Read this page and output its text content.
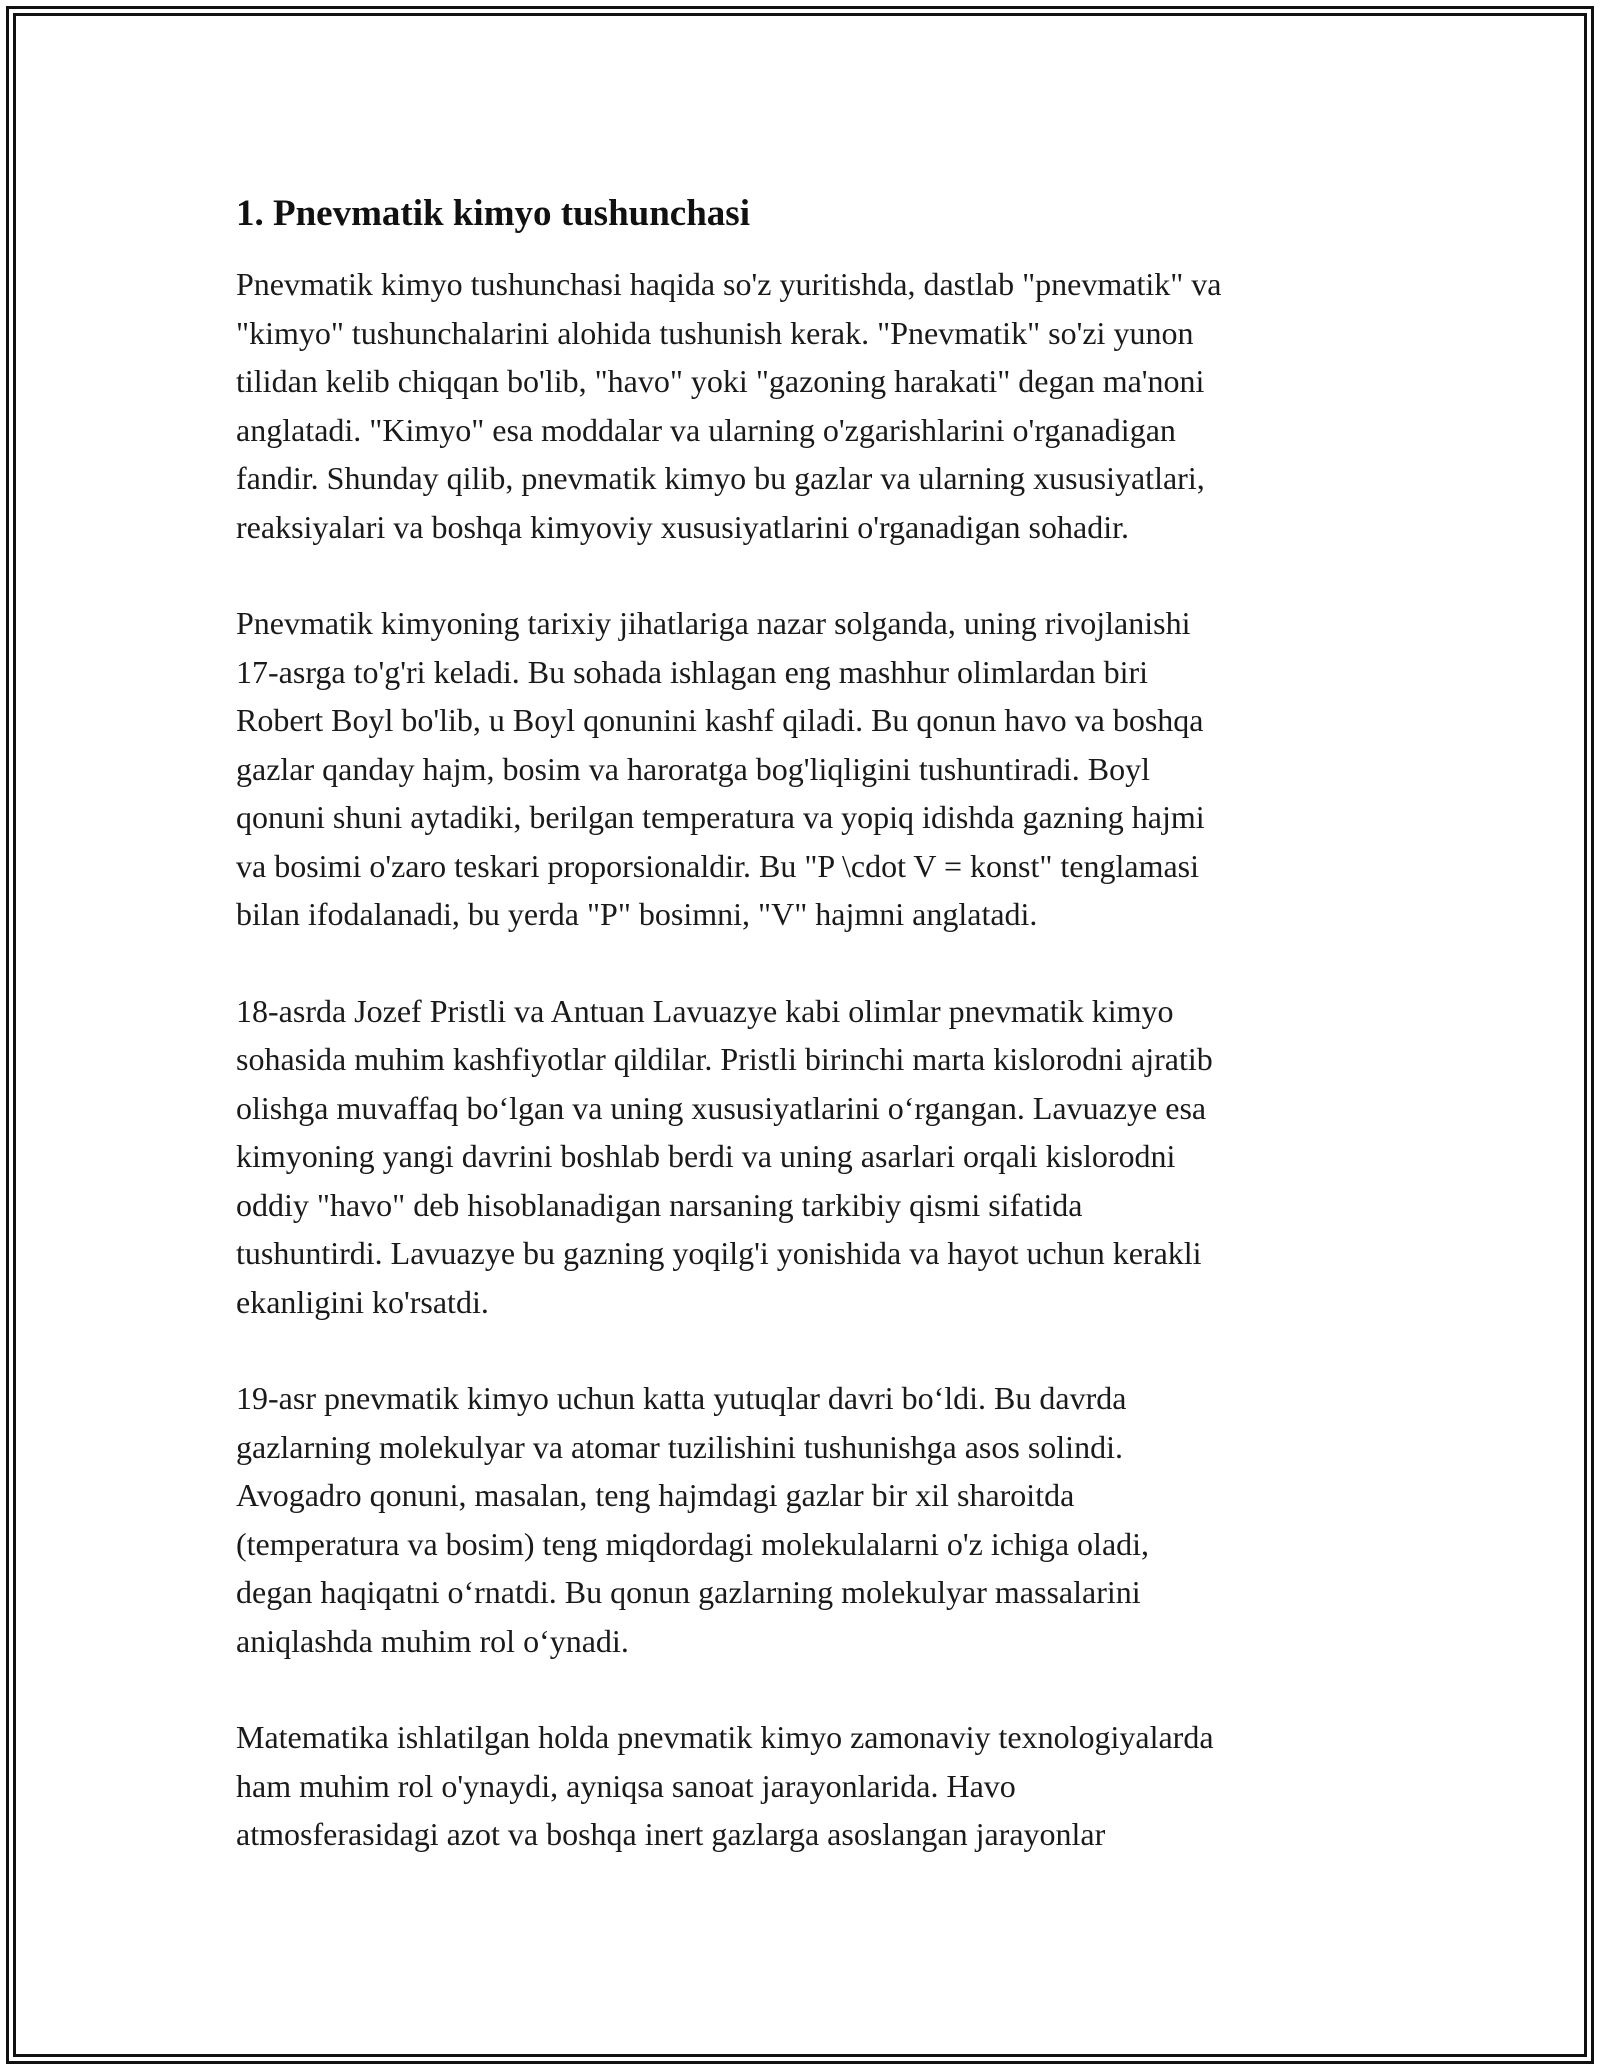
1. Pnevmatik kimyo tushunchasi

Pnevmatik kimyo tushunchasi haqida so'z yuritishda, dastlab "pnevmatik" va
"kimyo" tushunchalarini alohida tushunish kerak. "Pnevmatik" so'zi yunon
tilidan kelib chiqqan bo'lib, "havo" yoki "gazoning harakati" degan ma'noni
anglatadi. "Kimyo" esa moddalar va ularning o'zgarishlarini o'rganadigan
fandir. Shunday qilib, pnevmatik kimyo bu gazlar va ularning xususiyatlari,
reaksiyalari va boshqa kimyoviy xususiyatlarini o'rganadigan sohadir.

Pnevmatik kimyoning tarixiy jihatlariga nazar solganda, uning rivojlanishi
17-asrga to'g'ri keladi. Bu sohada ishlagan eng mashhur olimlardan biri
Robert Boyl bo'lib, u Boyl qonunini kashf qiladi. Bu qonun havo va boshqa
gazlar qanday hajm, bosim va haroratga bog'liqligini tushuntiradi. Boyl
qonuni shuni aytadiki, berilgan temperatura va yopiq idishda gazning hajmi
va bosimi o'zaro teskari proporsionaldir. Bu "P \cdot V = konst" tenglamasi
bilan ifodalanadi, bu yerda "P" bosimni, "V" hajmni anglatadi.

18-asrda Jozef Pristli va Antuan Lavuazye kabi olimlar pnevmatik kimyo
sohasida muhim kashfiyotlar qildilar. Pristli birinchi marta kislorodni ajratib
olishga muvaffaq bo‘lgan va uning xususiyatlarini o‘rgangan. Lavuazye esa
kimyoning yangi davrini boshlab berdi va uning asarlari orqali kislorodni
oddiy "havo" deb hisoblanadigan narsaning tarkibiy qismi sifatida
tushuntirdi. Lavuazye bu gazning yoqilg'i yonishida va hayot uchun kerakli
ekanligini ko'rsatdi.

19-asr pnevmatik kimyo uchun katta yutuqlar davri bo‘ldi. Bu davrda
gazlarning molekulyar va atomar tuzilishini tushunishga asos solindi.
Avogadro qonuni, masalan, teng hajmdagi gazlar bir xil sharoitda
(temperatura va bosim) teng miqdordagi molekulalarni o'z ichiga oladi,
degan haqiqatni o‘rnatdi. Bu qonun gazlarning molekulyar massalarini
aniqlashda muhim rol o‘ynadi.

Matematika ishlatilgan holda pnevmatik kimyo zamonaviy texnologiyalarda
ham muhim rol o'ynaydi, ayniqsa sanoat jarayonlarida. Havo
atmosferasidagi azot va boshqa inert gazlarga asoslangan jarayonlar
